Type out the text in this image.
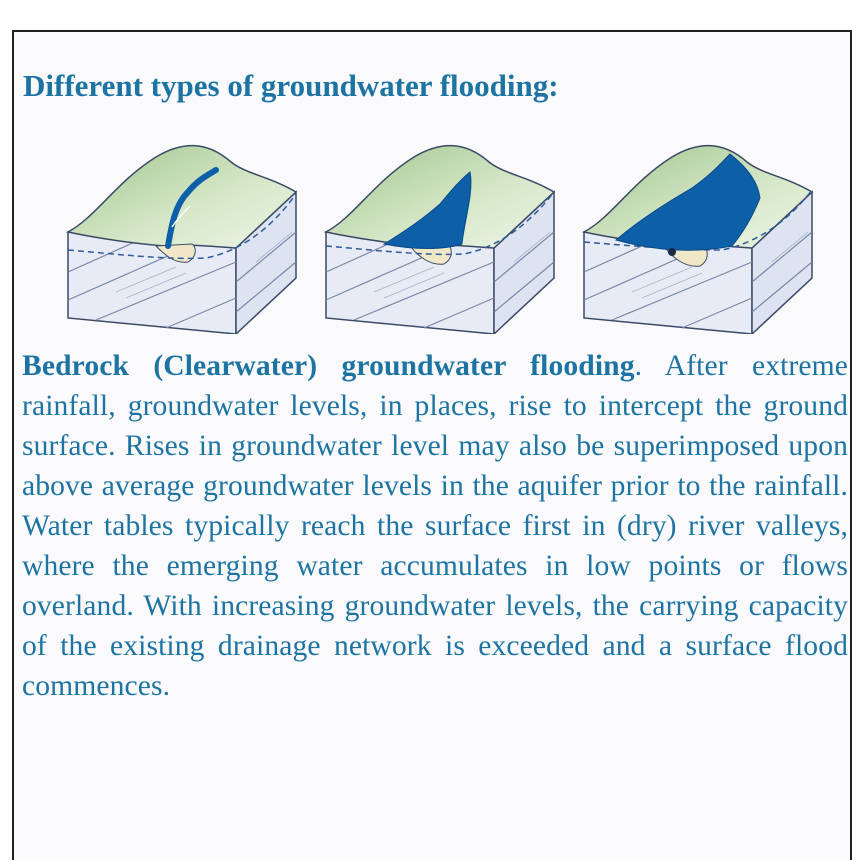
Different types of groundwater flooding:

Bedrock (Clearwater) groundwater flooding. After extreme rainfall, groundwater levels, in places, rise to intercept the ground surface. Rises in groundwater level may also be superimposed upon above average groundwater levels in the aquifer prior to the rainfall. Water tables typically reach the surface first in (dry) river valleys, where the emerging water accumulates in low points or flows overland. With increasing groundwater levels, the carrying capacity of the existing drainage network is exceeded and a surface flood commences.
